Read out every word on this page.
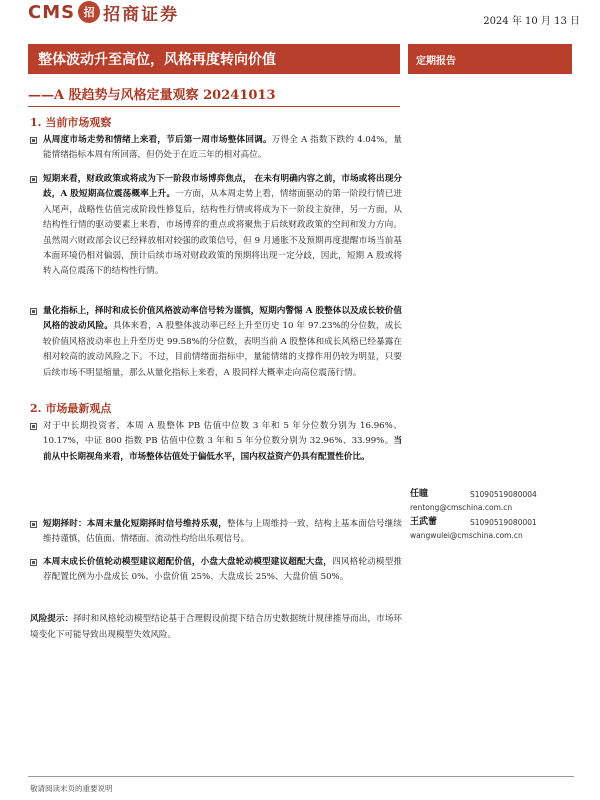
CMS 招 招商证券	2024 年 10 月 13 日
整体波动升至高位，风格再度转向价值	定期报告
——A 股趋势与风格定量观察 20241013
1. 当前市场观察
从周度市场走势和情绪上来看，节后第一周市场整体回调。万得全 A 指数下跌约 4.04%，量能情绪指标本周有所回落，但仍处于在近三年的相对高位。
短期来看，财政政策或将成为下一阶段市场博弈焦点， 在未有明确内容之前，市场或将出现分歧，A 股短期高位震荡概率上升。一方面，从本周走势上看，情绪面驱动的第一阶段行情已进入尾声，战略性估值完成阶段性修复后，结构性行情或将成为下一阶段主旋律，另一方面，从结构性行情的驱动要素上来看，市场博弈的重点或将聚焦于后续财政政策的空间和发力方向。虽然周六财政部会议已经释放相对较强的政策信号，但 9 月通胀不及预期再度提醒市场当前基本面环境仍相对偏弱，预计后续市场对财政政策的预期将出现一定分歧，因此，短期 A 股或将转入高位震荡下的结构性行情。
量化指标上，择时和成长价值风格波动率信号转为谨慎，短期内警惕 A 股整体以及成长较价值风格的波动风险。具体来看，A 股整体波动率已经上升至历史 10 年 97.23%的分位数，成长较价值风格波动率也上升至历史 99.58%的分位数，表明当前 A 股整体和成长风格已经暴露在相对较高的波动风险之下。不过，目前情绪面指标中，量能情绪的支撑作用仍较为明显，只要后续市场不明显缩量，那么从量化指标上来看，A 股同样大概率走向高位震荡行情。
2. 市场最新观点
对于中长期投资者，本周 A 股整体 PB 估值中位数 3 年和 5 年分位数分别为 16.96%、10.17%，中证 800 指数 PB 估值中位数 3 年和 5 年分位数分别为 32.96%、33.99%。当前从中长期视角来看，市场整体估值处于偏低水平，国内权益资产仍具有配置性价比。
短期择时：本周末量化短期择时信号维持乐观，整体与上周维持一致，结构上基本面信号继续维持谨慎，估值面、情绪面、流动性均给出乐观信号。
本周末成长价值轮动模型建议超配价值，小盘大盘轮动模型建议超配大盘，四风格轮动模型推荐配置比例为小盘成长 0%、小盘价值 25%、大盘成长 25%、大盘价值 50%。
风险提示：择时和风格轮动模型结论基于合理假设前提下结合历史数据统计规律推导而出，市场环境变化下可能导致出现模型失效风险。
任瞳	S1090519080004
rentong@cmschina.com.cn
王武蕾	S1090519080001
wangwulei@cmschina.com.cn
敬请阅读末页的重要说明
